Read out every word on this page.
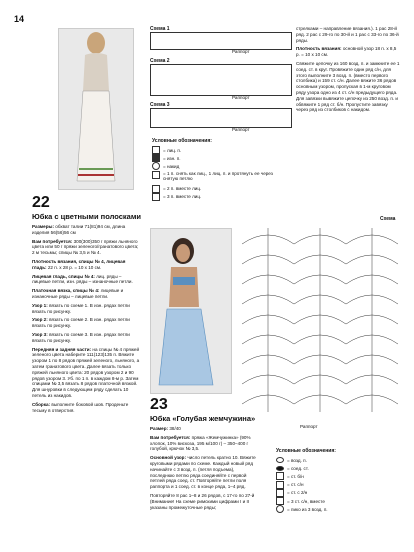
14
22
Юбка с цветными полосками
Размеры: обхват талии 71(81)94 см, длина изделия 56(56)56 см
Вам потребуется: 300(300)350 г пряжи льняного цвета или 50 г пряжи зеленого/гранатового цвета; 2 м тесьмы; спицы № 3,5 и № 4.
Плотность вязания, спицы № 4, лицевая гладь: 22 п. х 28 р. = 10 х 10 см.
Лицевая гладь, спицы № 4: лиц. ряды – лицевые петли, изн. ряды – изнаночные петли.
Платочная вязка, спицы № 4: лицевые и изнаночные ряды – лицевые петли.
Узор 1: вязать по схеме 1. В изн. рядах петли вязать по рисунку.
Узор 2: вязать по схеме 2. В изн. рядах петли вязать по рисунку.
Узор 3: вязать по схеме 3. В изн. рядах петли вязать по рисунку.
Передняя и задняя части: на спицы № 4 пряжей зеленого цвета наберите 111(123)135 п. Вяжите узором 1 по 8 рядов пряжей зеленого, льняного, а затем гранатового цвета. Далее вязать только пряжей льняного цвета: 20 рядов узором 2 и 90 рядов узором 3. Уб. по 1 п. в каждом 8-м р. Затем спицами № 3,5 вязать 8 рядов платочной вязкой. Для шнуровки в следующем ряду сделать 10 петель из накидов.
Сборка: выполните боковой шов. Проденьте тесьму в отверстия.
Схема 1
Раппорт
Схема 2
Раппорт
Схема 3
Раппорт
Условные обозначения:
= лиц. п.
= изн. п.
= накид
= 1 п. снять как лиц., 1 лиц. п. и протянуть ее через снятую петлю
= 2 п. вместе лиц.
= 3 п. вместе лиц.
стрелками – направление вязания.). 1 рас 28-й ряд. 2 рас с 29-го по 30-й и 1 рас с 33-го по 36-й ряды.
Плотность вязания: основной узор 18 п. х 8,5 р. = 10 х 10 см.
Свяжите цепочку из 160 возд. п. и замкните ее 1 соед. ст. в круг. Провяжите один ряд с/н, для этого выполните 3 возд. п. (вместо первого столбика) и 159 ст. с/н. Далее вяжите 36 рядов основным узором, пропуская в 1-м круговом ряду узора одно из 4 ст. с/н предыдущего ряда. Для завязки вывяжите цепочку из 250 возд. п. и обвяжите 1 ряд ст. б/н. Пропустите завязку через ряд из столбиков с накидом.
23
Юбка «Голубая жемчужина»
Размер: 38/40
Вам потребуется: пряжа «Жемчужинка» (90% хлопок, 10% вискоза, 195 м/100 г) – 350–400 г голубой, крючок № 3,5.
Основной узор: число петель кратно 10. Вяжите круговыми рядами по схеме. Каждый новый ряд начинайте с 3 возд. п. (петля подъема), последнюю петлю ряда соединяйте с первой петлей ряда соед. ст. Повторяйте петли поля раппорта и 1 соед. ст. в конце ряда, 1–4 ряд.
Повторяйте 8 рас 1–8 и 26 рядов, с 17-го по 27-й (Внимание! На схеме римскими цифрами I и II указаны промежуточные ряды;
Схема
Раппорт
Условные обозначения:
= возд. п.
= соед. ст.
= ст. б/н
= ст. с/н
= ст. с 2/н
= 3 ст. с/н, вместе
= пико из 3 возд. п.
